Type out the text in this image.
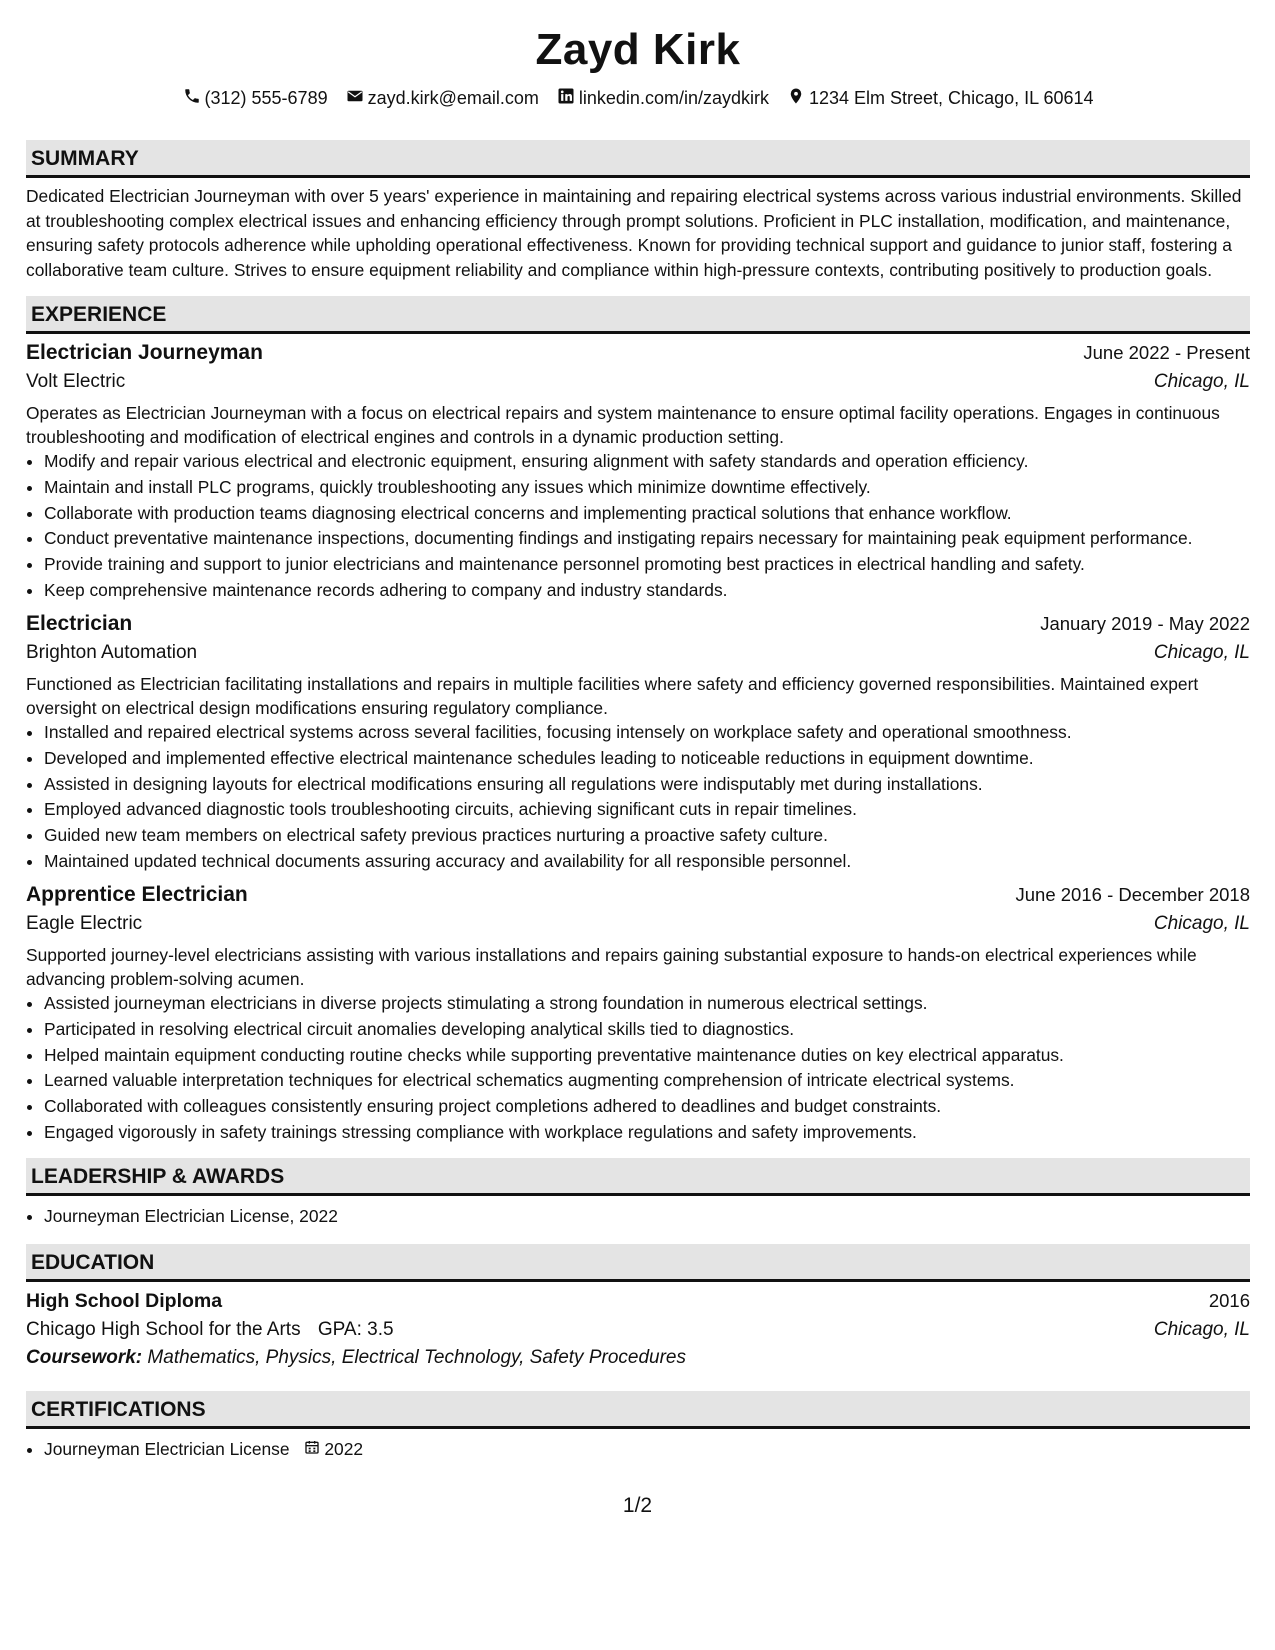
Zayd Kirk
(312) 555-6789 zayd.kirk@email.com linkedin.com/in/zaydkirk 1234 Elm Street, Chicago, IL 60614
SUMMARY
Dedicated Electrician Journeyman with over 5 years' experience in maintaining and repairing electrical systems across various industrial environments. Skilled at troubleshooting complex electrical issues and enhancing efficiency through prompt solutions. Proficient in PLC installation, modification, and maintenance, ensuring safety protocols adherence while upholding operational effectiveness. Known for providing technical support and guidance to junior staff, fostering a collaborative team culture. Strives to ensure equipment reliability and compliance within high-pressure contexts, contributing positively to production goals.
EXPERIENCE
Electrician Journeyman	June 2022 - Present
Volt Electric	Chicago, IL
Operates as Electrician Journeyman with a focus on electrical repairs and system maintenance to ensure optimal facility operations. Engages in continuous troubleshooting and modification of electrical engines and controls in a dynamic production setting.
• Modify and repair various electrical and electronic equipment, ensuring alignment with safety standards and operation efficiency.
• Maintain and install PLC programs, quickly troubleshooting any issues which minimize downtime effectively.
• Collaborate with production teams diagnosing electrical concerns and implementing practical solutions that enhance workflow.
• Conduct preventative maintenance inspections, documenting findings and instigating repairs necessary for maintaining peak equipment performance.
• Provide training and support to junior electricians and maintenance personnel promoting best practices in electrical handling and safety.
• Keep comprehensive maintenance records adhering to company and industry standards.
Electrician	January 2019 - May 2022
Brighton Automation	Chicago, IL
Functioned as Electrician facilitating installations and repairs in multiple facilities where safety and efficiency governed responsibilities. Maintained expert oversight on electrical design modifications ensuring regulatory compliance.
• Installed and repaired electrical systems across several facilities, focusing intensely on workplace safety and operational smoothness.
• Developed and implemented effective electrical maintenance schedules leading to noticeable reductions in equipment downtime.
• Assisted in designing layouts for electrical modifications ensuring all regulations were indisputably met during installations.
• Employed advanced diagnostic tools troubleshooting circuits, achieving significant cuts in repair timelines.
• Guided new team members on electrical safety previous practices nurturing a proactive safety culture.
• Maintained updated technical documents assuring accuracy and availability for all responsible personnel.
Apprentice Electrician	June 2016 - December 2018
Eagle Electric	Chicago, IL
Supported journey-level electricians assisting with various installations and repairs gaining substantial exposure to hands-on electrical experiences while advancing problem-solving acumen.
• Assisted journeyman electricians in diverse projects stimulating a strong foundation in numerous electrical settings.
• Participated in resolving electrical circuit anomalies developing analytical skills tied to diagnostics.
• Helped maintain equipment conducting routine checks while supporting preventative maintenance duties on key electrical apparatus.
• Learned valuable interpretation techniques for electrical schematics augmenting comprehension of intricate electrical systems.
• Collaborated with colleagues consistently ensuring project completions adhered to deadlines and budget constraints.
• Engaged vigorously in safety trainings stressing compliance with workplace regulations and safety improvements.
LEADERSHIP & AWARDS
• Journeyman Electrician License, 2022
EDUCATION
High School Diploma	2016
Chicago High School for the Arts GPA: 3.5	Chicago, IL
Coursework: Mathematics, Physics, Electrical Technology, Safety Procedures
CERTIFICATIONS
• Journeyman Electrician License 2022
1/2
